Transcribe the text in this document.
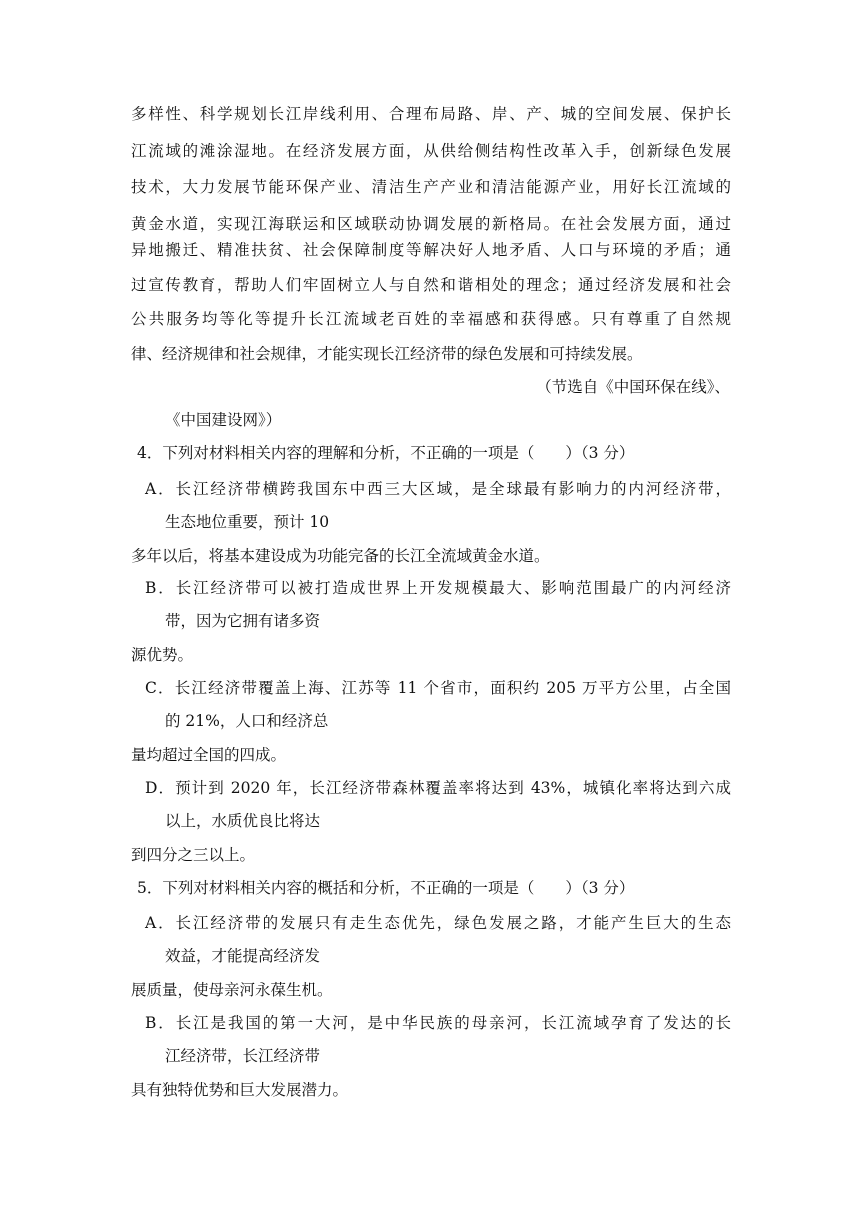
多样性、科学规划长江岸线利用、合理布局路、岸、产、城的空间发展、保护长
江流域的滩涂湿地。在经济发展方面，从供给侧结构性改革入手，创新绿色发展
技术，大力发展节能环保产业、清洁生产产业和清洁能源产业，用好长江流域的
黄金水道，实现江海联运和区域联动协调发展的新格局。在社会发展方面，通过
异地搬迁、精准扶贫、社会保障制度等解决好人地矛盾、人口与环境的矛盾；通
过宣传教育，帮助人们牢固树立人与自然和谐相处的理念；通过经济发展和社会
公共服务均等化等提升长江流域老百姓的幸福感和获得感。只有尊重了自然规
律、经济规律和社会规律，才能实现长江经济带的绿色发展和可持续发展。
（节选自《中国环保在线》、
《中国建设网》）
4．下列对材料相关内容的理解和分析，不正确的一项是（　　）（3 分）
A．长江经济带横跨我国东中西三大区域，是全球最有影响力的内河经济带，
生态地位重要，预计 10
多年以后，将基本建设成为功能完备的长江全流域黄金水道。
B．长江经济带可以被打造成世界上开发规模最大、影响范围最广的内河经济
带，因为它拥有诸多资
源优势。
C．长江经济带覆盖上海、江苏等 11 个省市，面积约 205 万平方公里，占全国
的 21%，人口和经济总
量均超过全国的四成。
D．预计到 2020 年，长江经济带森林覆盖率将达到 43%，城镇化率将达到六成
以上，水质优良比将达
到四分之三以上。
5．下列对材料相关内容的概括和分析，不正确的一项是（　　）（3 分）
A．长江经济带的发展只有走生态优先，绿色发展之路，才能产生巨大的生态
效益，才能提高经济发
展质量，使母亲河永葆生机。
B．长江是我国的第一大河，是中华民族的母亲河，长江流域孕育了发达的长
江经济带，长江经济带
具有独特优势和巨大发展潜力。
